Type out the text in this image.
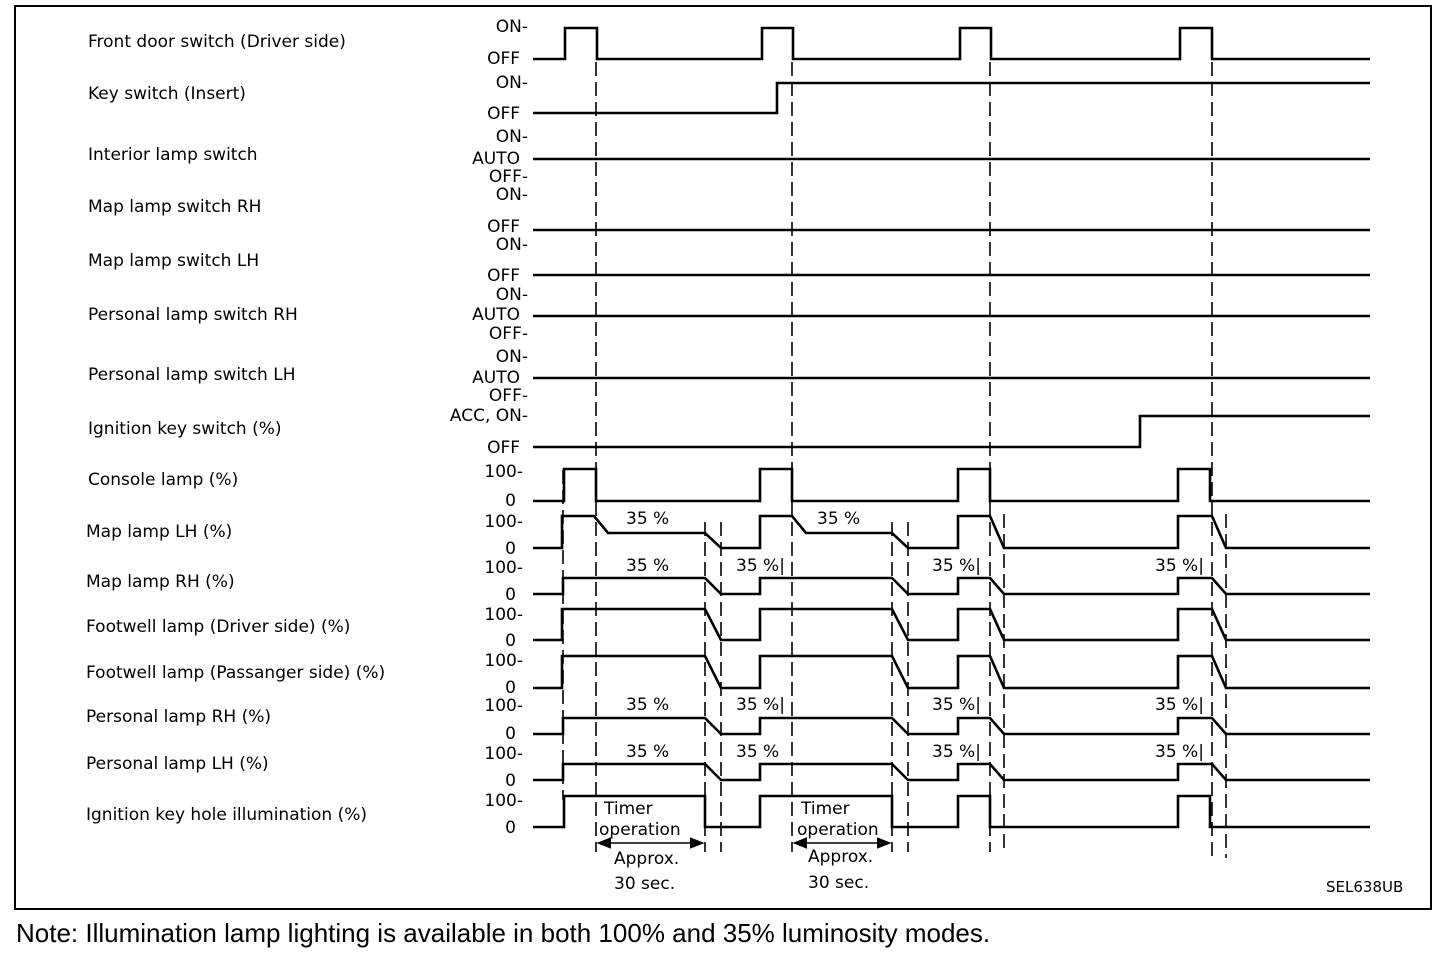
Front door switch (Driver side)
Key switch (Insert)
Interior lamp switch
Map lamp switch RH
Map lamp switch LH
Personal lamp switch RH
Personal lamp switch LH
Ignition key switch (%)
Console lamp (%)
Map lamp LH (%)
Map lamp RH (%)
Footwell lamp (Driver side) (%)
Footwell lamp (Passanger side) (%)
Personal lamp RH (%)
Personal lamp LH (%)
Ignition key hole illumination (%)
ON-
OFF
ON-
OFF
ON-
AUTO
OFF-
ON-
OFF
ON-
OFF
ON-
AUTO
OFF-
ON-
AUTO
OFF-
ACC, ON-
OFF
100-
0
100-
0
100-
0
100-
0
100-
0
100-
0
100-
0
100-
0
35 %	35 %
35 %	35 %|	35 %|	35 %|
35 %	35 %|	35 %|	35 %|
35 %	35 %	35 %|	35 %|
Timer
operation
Approx.
30 sec.
Timer
operation
Approx.
30 sec.	SEL638UB
Note: Illumination lamp lighting is available in both 100% and 35% luminosity modes.
